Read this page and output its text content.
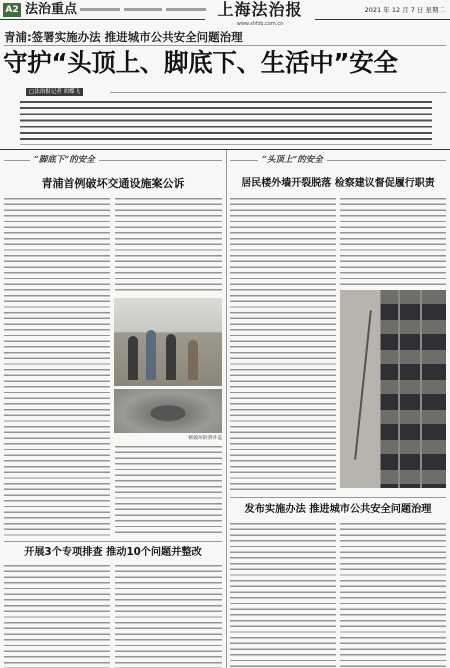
A2 法治重点	上海法治报
www.shfzb.com.cn
2021 年 12 月 7 日 星期二
青浦:签署实施办法 推进城市公共安全问题治理
守护“头顶上、脚底下、生活中”安全
□法治报记者 胡蝶飞
“脚底下”的安全	“头顶上”的安全
青浦首例破坏交通设施案公诉
被破坏的窨井盖
开展3个专项排查 推动10个问题并整改
居民楼外墙开裂脱落 检察建议督促履行职责
发布实施办法 推进城市公共安全问题治理
